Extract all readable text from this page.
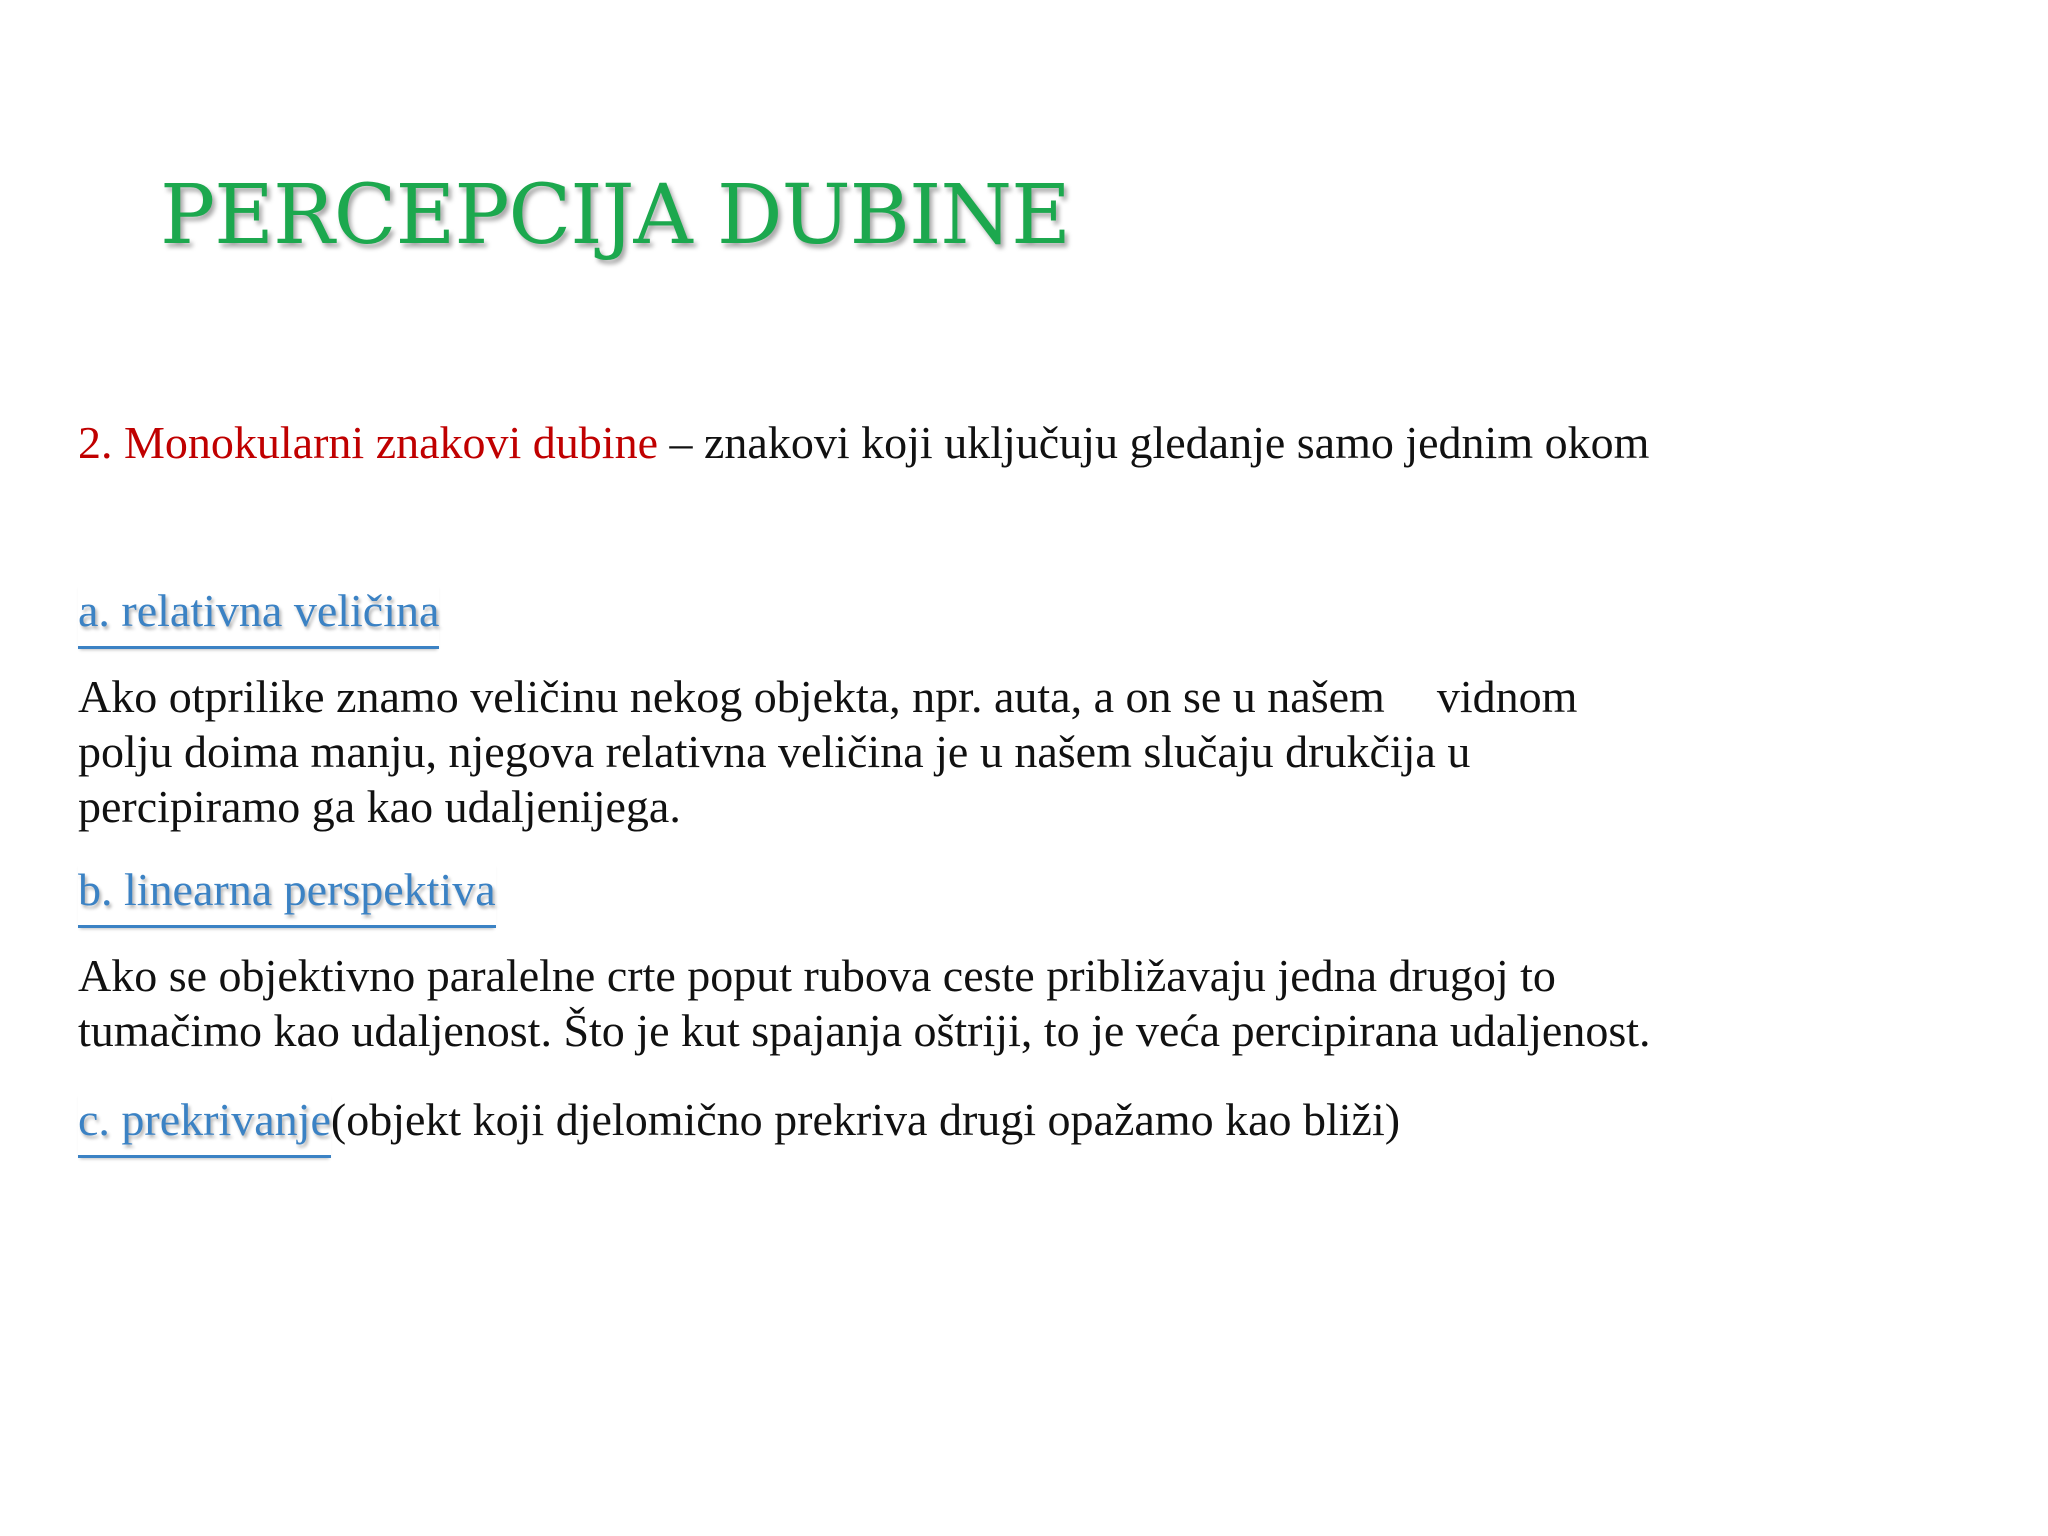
PERCEPCIJA DUBINE
2. Monokularni znakovi dubine – znakovi koji uključuju gledanje samo jednim okom
a. relativna veličina
Ako otprilike znamo veličinu nekog objekta, npr. auta, a on se u našem vidnom
polju doima manju, njegova relativna veličina je u našem slučaju drukčija u
percipiramo ga kao udaljenijega.
b. linearna perspektiva
Ako se objektivno paralelne crte poput rubova ceste približavaju jedna drugoj to
tumačimo kao udaljenost. Što je kut spajanja oštriji, to je veća percipirana udaljenost.
c. prekrivanje(objekt koji djelomično prekriva drugi opažamo kao bliži)
